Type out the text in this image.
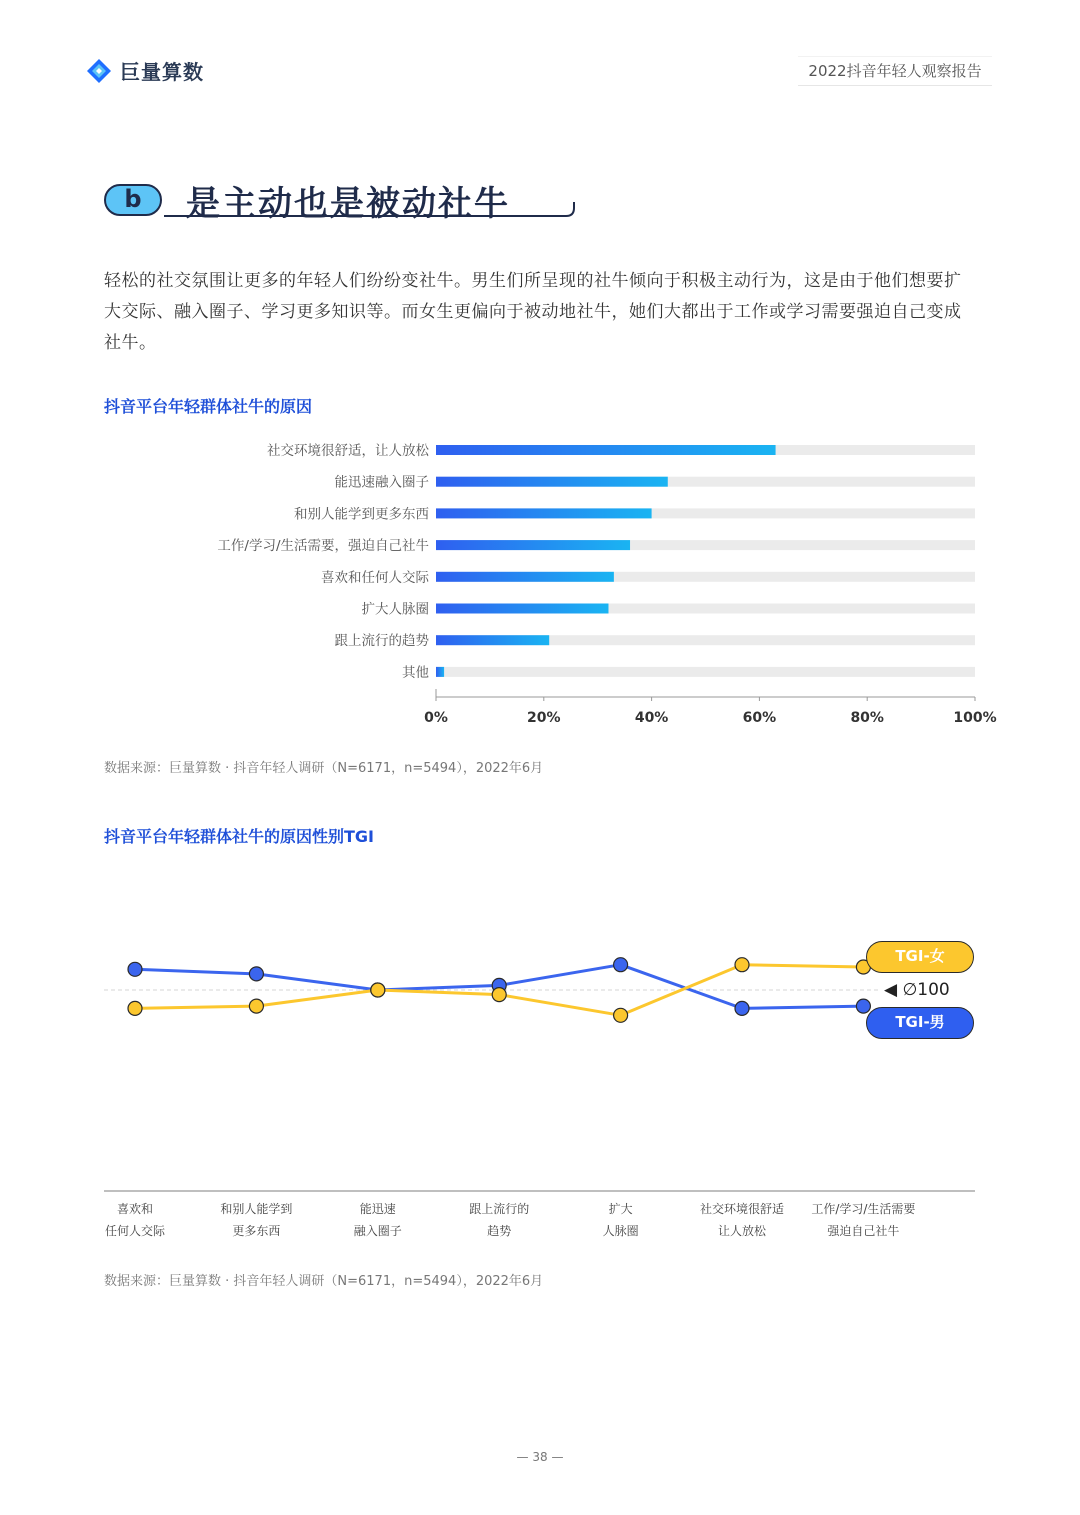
巨量算数	2022抖音年轻人观察报告
b	是主动也是被动社牛

轻松的社交氛围让更多的年轻人们纷纷变社牛。男生们所呈现的社牛倾向于积极主动行为，这是由于他们想要扩大交际、融入圈子、学习更多知识等。而女生更偏向于被动地社牛，她们大都出于工作或学习需要强迫自己变成社牛。

抖音平台年轻群体社牛的原因
社交环境很舒适，让人放松
能迅速融入圈子
和别人能学到更多东西
工作/学习/生活需要，强迫自己社牛
喜欢和任何人交际
扩大人脉圈
跟上流行的趋势
其他
0%	20%	40%	60%	80%	100%
数据来源：巨量算数 · 抖音年轻人调研（N=6171，n=5494），2022年6月
抖音平台年轻群体社牛的原因性别TGI
喜欢和
任何人交际
和别人能学到
更多东西
能迅速
融入圈子
跟上流行的
趋势
扩大
人脉圈
社交环境很舒适
让人放松
工作/学习/生活需要
强迫自己社牛
TGI-女
◀ ∅100
TGI-男
数据来源：巨量算数 · 抖音年轻人调研（N=6171，n=5494），2022年6月
— 38 —
